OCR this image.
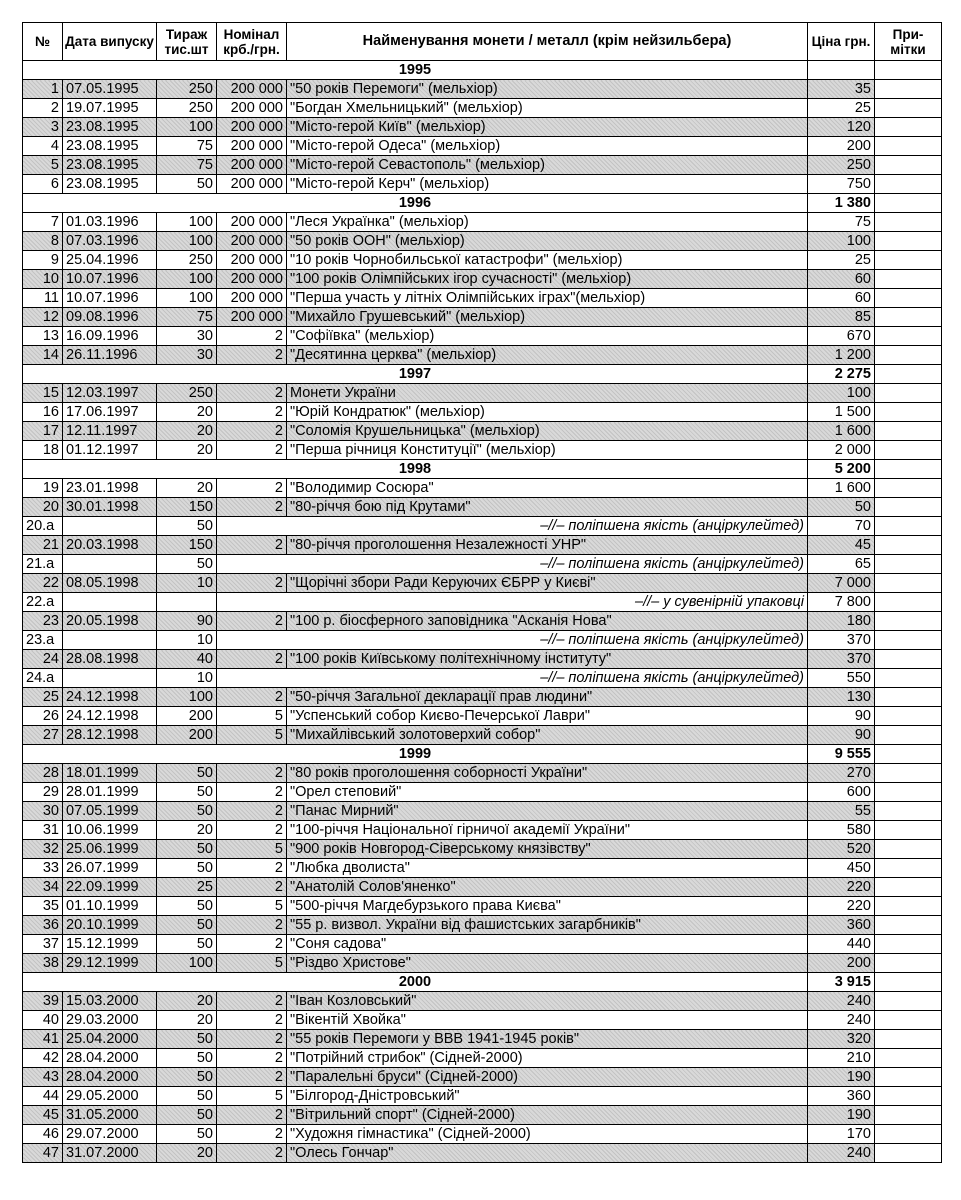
№	Дата випуску	Тираж тис.шт	Номінал крб./грн.	Найменування монети / металл (крім нейзильбера)	Ціна грн.	При-мітки
1995						
1	07.05.1995	250	200 000	"50 років Перемоги" (мельхіор)	35	
2	19.07.1995	250	200 000	"Богдан Хмельницький" (мельхіор)	25	
3	23.08.1995	100	200 000	"Місто-герой Київ" (мельхіор)	120	
4	23.08.1995	75	200 000	"Місто-герой Одеса" (мельхіор)	200	
5	23.08.1995	75	200 000	"Місто-герой Севастополь" (мельхіор)	250	
6	23.08.1995	50	200 000	"Місто-герой Керч" (мельхіор)	750	
1996					1 380	
7	01.03.1996	100	200 000	"Леся Українка" (мельхіор)	75	
8	07.03.1996	100	200 000	"50 років ООН" (мельхіор)	100	
9	25.04.1996	250	200 000	"10 років Чорнобильської катастрофи" (мельхіор)	25	
10	10.07.1996	100	200 000	"100 років Олімпійських ігор сучасності" (мельхіор)	60	
11	10.07.1996	100	200 000	"Перша участь у літніх Олімпійських іграх"(мельхіор)	60	
12	09.08.1996	75	200 000	"Михайло Грушевський" (мельхіор)	85	
13	16.09.1996	30	2	"Софіївка" (мельхіор)	670	
14	26.11.1996	30	2	"Десятинна церква" (мельхіор)	1 200	
1997					2 275	
15	12.03.1997	250	2	Монети України	100	
16	17.06.1997	20	2	"Юрій Кондратюк" (мельхіор)	1 500	
17	12.11.1997	20	2	"Соломія Крушельницька" (мельхіор)	1 600	
18	01.12.1997	20	2	"Перша річниця Конституції" (мельхіор)	2 000	
1998					5 200	
19	23.01.1998	20	2	"Володимир Сосюра"	1 600	
20	30.01.1998	150	2	"80-річчя бою під Крутами"	50	
20.а		50	–//– поліпшена якість (анціркулейтед)		70	
21	20.03.1998	150	2	"80-річчя проголошення Незалежності УНР"	45	
21.а		50	–//– поліпшена якість (анціркулейтед)		65	
22	08.05.1998	10	2	"Щорічні збори Ради Керуючих ЄБРР у Києві"	7 000	
22.а			–//– у сувенірній упаковці		7 800	
23	20.05.1998	90	2	"100 р. біосферного заповідника "Асканія Нова"	180	
23.а		10	–//– поліпшена якість (анціркулейтед)		370	
24	28.08.1998	40	2	"100 років Київському політехнічному інституту"	370	
24.а		10	–//– поліпшена якість (анціркулейтед)		550	
25	24.12.1998	100	2	"50-річчя Загальної декларації прав людини"	130	
26	24.12.1998	200	5	"Успенський собор Києво-Печерської Лаври"	90	
27	28.12.1998	200	5	"Михайлівський золотоверхий собор"	90	
1999					9 555	
28	18.01.1999	50	2	"80 років проголошення соборності України"	270	
29	28.01.1999	50	2	"Орел степовий"	600	
30	07.05.1999	50	2	"Панас Мирний"	55	
31	10.06.1999	20	2	"100-річчя Національної гірничої академії України"	580	
32	25.06.1999	50	5	"900 років Новгород-Сіверському князівству"	520	
33	26.07.1999	50	2	"Любка дволиста"	450	
34	22.09.1999	25	2	"Анатолій Солов'яненко"	220	
35	01.10.1999	50	5	"500-річчя Магдебурзького права Києва"	220	
36	20.10.1999	50	2	"55 р. визвол. України від фашистських загарбників"	360	
37	15.12.1999	50	2	"Соня садова"	440	
38	29.12.1999	100	5	"Різдво Христове"	200	
2000					3 915	
39	15.03.2000	20	2	"Іван Козловський"	240	
40	29.03.2000	20	2	"Вікентій Хвойка"	240	
41	25.04.2000	50	2	"55 років Перемоги у ВВВ 1941-1945 років"	320	
42	28.04.2000	50	2	"Потрійний стрибок" (Сідней-2000)	210	
43	28.04.2000	50	2	"Паралельні бруси" (Сідней-2000)	190	
44	29.05.2000	50	5	"Білгород-Дністровський"	360	
45	31.05.2000	50	2	"Вітрильний спорт" (Сідней-2000)	190	
46	29.07.2000	50	2	"Художня гімнастика" (Сідней-2000)	170	
47	31.07.2000	20	2	"Олесь Гончар"	240	
